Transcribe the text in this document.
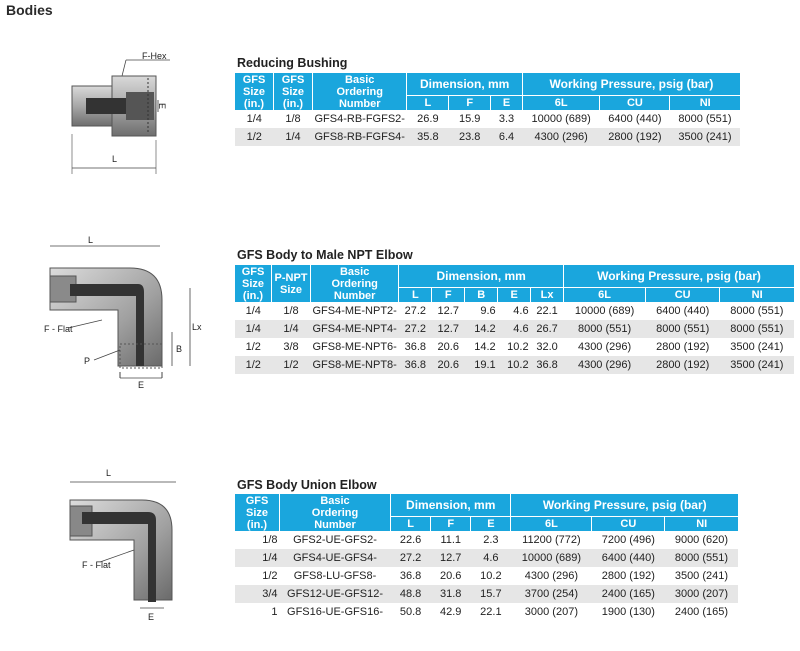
Bodies
F-Hex
E
L
Reducing Bushing
GFS
Size
(in.)	GFS
Size
(in.)	Basic
Ordering
Number	Dimension, mm			Working Pressure, psig (bar)		
			L	F	E	6L	CU	NI
1/4	1/8	GFS4-RB-FGFS2-	26.9	15.9	3.3	10000 (689)	6400 (440)	8000 (551)
1/2	1/4	GFS8-RB-FGFS4-	35.8	23.8	6.4	4300 (296)	2800 (192)	3500 (241)
L
E
B
Lx
F - Flat
P
GFS Body to Male NPT Elbow
GFS
Size
(in.)	P-NPT
Size	Basic
Ordering
Number	Dimension, mm					Working Pressure, psig (bar)		
			L	F	B	E	Lx	6L	CU	NI
1/4	1/8	GFS4-ME-NPT2-	27.2	12.7	9.6	4.6	22.1	10000 (689)	6400 (440)	8000 (551)
1/4	1/4	GFS4-ME-NPT4-	27.2	12.7	14.2	4.6	26.7	8000 (551)	8000 (551)	8000 (551)
1/2	3/8	GFS8-ME-NPT6-	36.8	20.6	14.2	10.2	32.0	4300 (296)	2800 (192)	3500 (241)
1/2	1/2	GFS8-ME-NPT8-	36.8	20.6	19.1	10.2	36.8	4300 (296)	2800 (192)	3500 (241)
L
E
F - Flat
GFS Body Union Elbow
GFS
Size
(in.)	Basic
Ordering
Number	Dimension, mm			Working Pressure, psig (bar)		
		L	F	E	6L	CU	NI
1/8	GFS2-UE-GFS2-	22.6	11.1	2.3	11200 (772)	7200 (496)	9000 (620)
1/4	GFS4-UE-GFS4-	27.2	12.7	4.6	10000 (689)	6400 (440)	8000 (551)
1/2	GFS8-LU-GFS8-	36.8	20.6	10.2	4300 (296)	2800 (192)	3500 (241)
3/4	GFS12-UE-GFS12-	48.8	31.8	15.7	3700 (254)	2400 (165)	3000 (207)
1	GFS16-UE-GFS16-	50.8	42.9	22.1	3000 (207)	1900 (130)	2400 (165)
